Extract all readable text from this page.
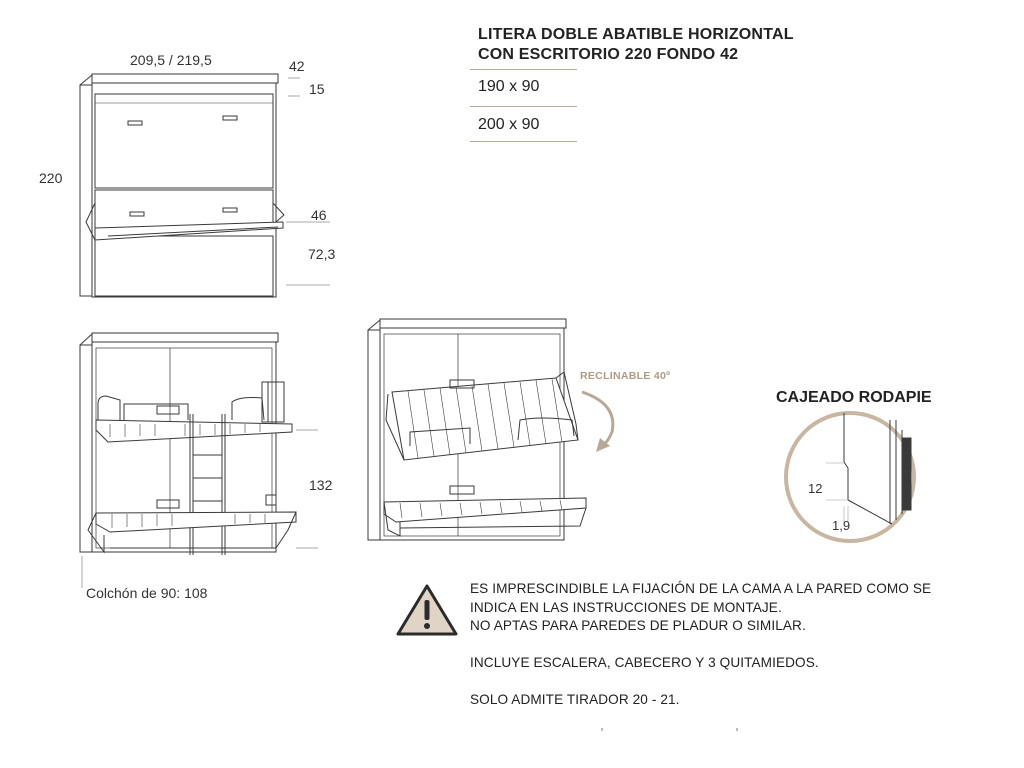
LITERA DOBLE ABATIBLE HORIZONTAL
CON ESCRITORIO 220 FONDO 42
190 x 90
200 x 90
209,5 / 219,5	42
15
220
46
72,3
132
Colchón de 90: 108
12
1,9
RECLINABLE 40º
CAJEADO RODAPIE
ES IMPRESCINDIBLE LA FIJACIÓN DE LA CAMA A LA PARED COMO SE
INDICA EN LAS INSTRUCCIONES DE MONTAJE.
NO APTAS PARA PAREDES DE PLADUR O SIMILAR.
INCLUYE ESCALERA, CABECERO Y 3 QUITAMIEDOS.
SOLO ADMITE TIRADOR 20 - 21.
